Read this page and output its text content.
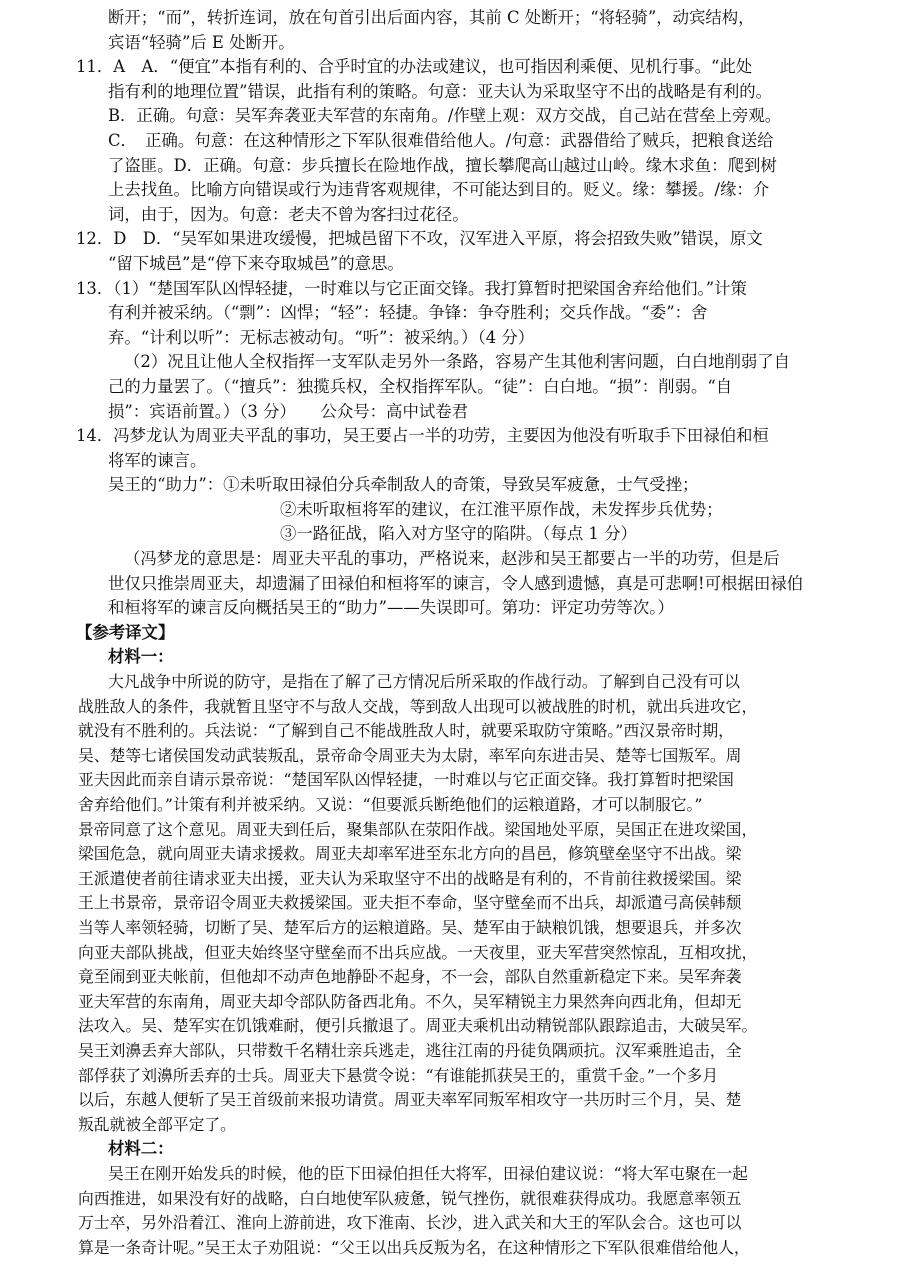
断开；“而”，转折连词，放在句首引出后面内容，其前 C 处断开；“将轻骑”，动宾结构，
宾语“轻骑”后 E 处断开。
11．A　A．“便宜”本指有利的、合乎时宜的办法或建议，也可指因利乘便、见机行事。“此处
指有利的地理位置”错误，此指有利的策略。句意：亚夫认为采取坚守不出的战略是有利的。
B．正确。句意：吴军奔袭亚夫军营的东南角。/作壁上观：双方交战，自己站在营垒上旁观。
C．　正确。句意：在这种情形之下军队很难借给他人。/句意：武器借给了贼兵，把粮食送给
了盗匪。D．正确。句意：步兵擅长在险地作战，擅长攀爬高山越过山岭。缘木求鱼：爬到树
上去找鱼。比喻方向错误或行为违背客观规律，不可能达到目的。贬义。缘：攀援。/缘：介
词，由于，因为。句意：老夫不曾为客扫过花径。
12．D　D．“吴军如果进攻缓慢，把城邑留下不攻，汉军进入平原，将会招致失败”错误，原文
“留下城邑”是“停下来夺取城邑”的意思。
13．（1）“楚国军队凶悍轻捷，一时难以与它正面交锋。我打算暂时把梁国舍弃给他们。”计策
有利并被采纳。（“剽”：凶悍；“轻”：轻捷。争锋：争夺胜利；交兵作战。“委”：舍
弃。“计利以听”：无标志被动句。“听”：被采纳。）（4 分）
（2）况且让他人全权指挥一支军队走另外一条路，容易产生其他利害问题，白白地削弱了自
己的力量罢了。（“擅兵”：独揽兵权，全权指挥军队。“徒”：白白地。“损”：削弱。“自
损”：宾语前置。）（3 分）　　公众号：高中试卷君
14．冯梦龙认为周亚夫平乱的事功，吴王要占一半的功劳，主要因为他没有听取手下田禄伯和桓
将军的谏言。
吴王的“助力”： ①未听取田禄伯分兵牵制敌人的奇策，导致吴军疲惫，士气受挫；
②未听取桓将军的建议，在江淮平原作战，未发挥步兵优势；
③一路征战，陷入对方坚守的陷阱。（每点 1 分）
（冯梦龙的意思是：周亚夫平乱的事功，严格说来，赵涉和吴王都要占一半的功劳，但是后
世仅只推崇周亚夫，却遗漏了田禄伯和桓将军的谏言，令人感到遗憾，真是可悲啊!可根据田禄伯
和桓将军的谏言反向概括吴王的“助力”——失误即可。第功：评定功劳等次。）
【参考译文】
材料一：
大凡战争中所说的防守，是指在了解了己方情况后所采取的作战行动。了解到自己没有可以
战胜敌人的条件，我就暂且坚守不与敌人交战，等到敌人出现可以被战胜的时机，就出兵进攻它，
就没有不胜利的。兵法说：“了解到自己不能战胜敌人时，就要采取防守策略。”西汉景帝时期，
吴、楚等七诸侯国发动武装叛乱，景帝命令周亚夫为太尉，率军向东进击吴、楚等七国叛军。周
亚夫因此而亲自请示景帝说：“楚国军队凶悍轻捷，一时难以与它正面交锋。我打算暂时把梁国
舍弃给他们。”计策有利并被采纳。又说：“但要派兵断绝他们的运粮道路，才可以制服它。”
景帝同意了这个意见。周亚夫到任后，聚集部队在荥阳作战。梁国地处平原，吴国正在进攻梁国，
梁国危急，就向周亚夫请求援救。周亚夫却率军进至东北方向的昌邑，修筑壁垒坚守不出战。梁
王派遣使者前往请求亚夫出援，亚夫认为采取坚守不出的战略是有利的，不肯前往救援梁国。梁
王上书景帝，景帝诏令周亚夫救援梁国。亚夫拒不奉命，坚守壁垒而不出兵，却派遣弓高侯韩颓
当等人率领轻骑，切断了吴、楚军后方的运粮道路。吴、楚军由于缺粮饥饿，想要退兵，并多次
向亚夫部队挑战，但亚夫始终坚守壁垒而不出兵应战。一天夜里，亚夫军营突然惊乱，互相攻扰，
竟至闹到亚夫帐前，但他却不动声色地静卧不起身，不一会，部队自然重新稳定下来。吴军奔袭
亚夫军营的东南角，周亚夫却令部队防备西北角。不久，吴军精锐主力果然奔向西北角，但却无
法攻入。吴、楚军实在饥饿难耐，便引兵撤退了。周亚夫乘机出动精锐部队跟踪追击，大破吴军。
吴王刘濞丢弃大部队，只带数千名精壮亲兵逃走，逃往江南的丹徒负隅顽抗。汉军乘胜追击，全
部俘获了刘濞所丢弃的士兵。周亚夫下悬赏令说：“有谁能抓获吴王的，重赏千金。”一个多月
以后，东越人便斩了吴王首级前来报功请赏。周亚夫率军同叛军相攻守一共历时三个月，吴、楚
叛乱就被全部平定了。
材料二：
吴王在刚开始发兵的时候，他的臣下田禄伯担任大将军，田禄伯建议说：“将大军屯聚在一起
向西推进，如果没有好的战略，白白地使军队疲惫，锐气挫伤，就很难获得成功。我愿意率领五
万士卒，另外沿着江、淮向上游前进，攻下淮南、长沙，进入武关和大王的军队会合。这也可以
算是一条奇计呢。”吴王太子劝阻说：“父王以出兵反叛为名，在这种情形之下军队很难借给他人，
